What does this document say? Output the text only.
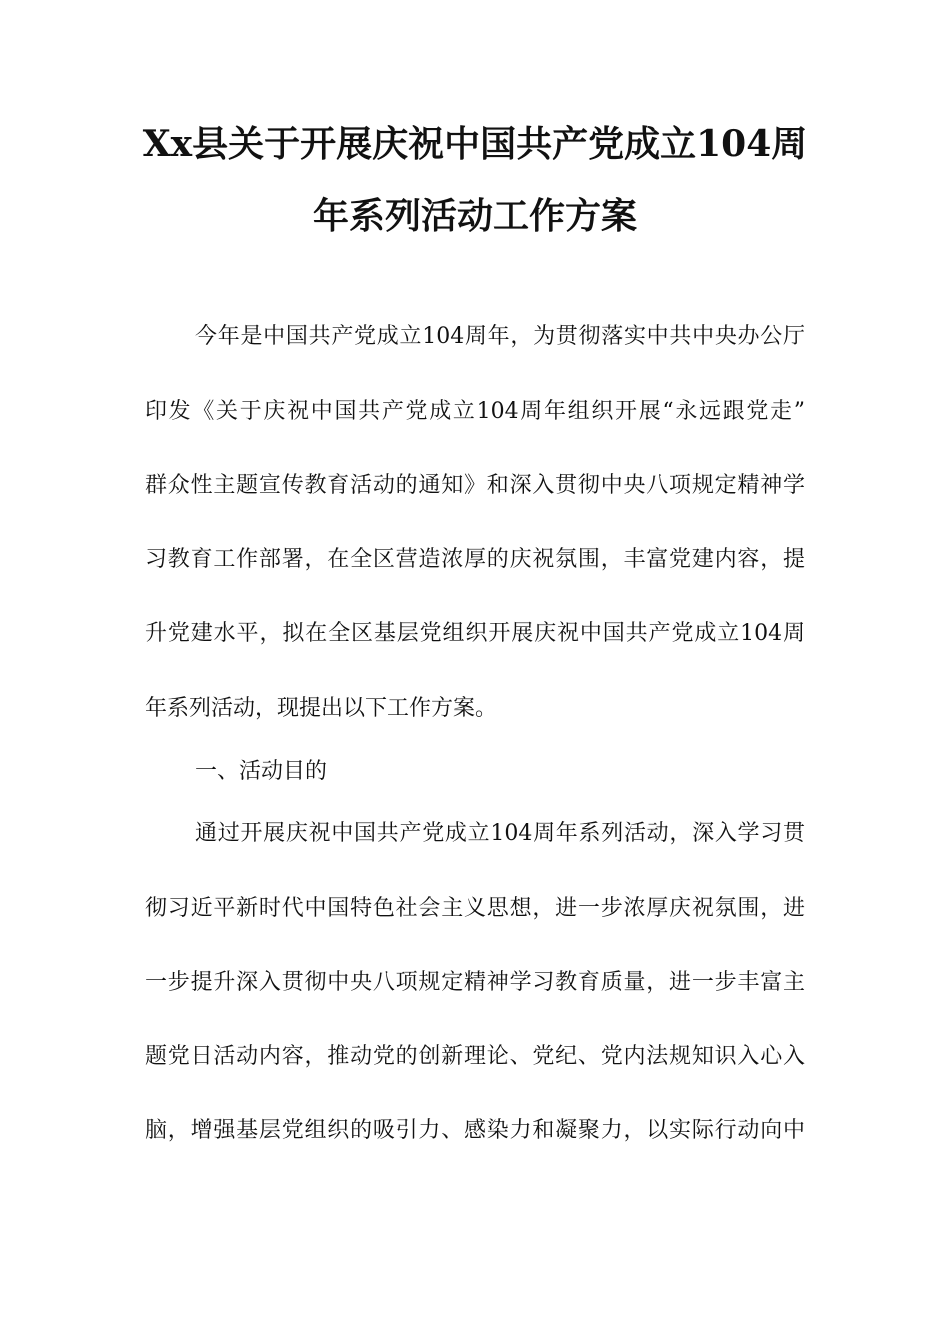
Xx县关于开展庆祝中国共产党成立104周
年系列活动工作方案
今年是中国共产党成立104周年，为贯彻落实中共中央办公厅
印发《关于庆祝中国共产党成立104周年组织开展“永远跟党走”
群众性主题宣传教育活动的通知》和深入贯彻中央八项规定精神学
习教育工作部署，在全区营造浓厚的庆祝氛围，丰富党建内容，提
升党建水平，拟在全区基层党组织开展庆祝中国共产党成立104周
年系列活动，现提出以下工作方案。
一、活动目的
通过开展庆祝中国共产党成立104周年系列活动，深入学习贯
彻习近平新时代中国特色社会主义思想，进一步浓厚庆祝氛围，进
一步提升深入贯彻中央八项规定精神学习教育质量，进一步丰富主
题党日活动内容，推动党的创新理论、党纪、党内法规知识入心入
脑，增强基层党组织的吸引力、感染力和凝聚力，以实际行动向中
